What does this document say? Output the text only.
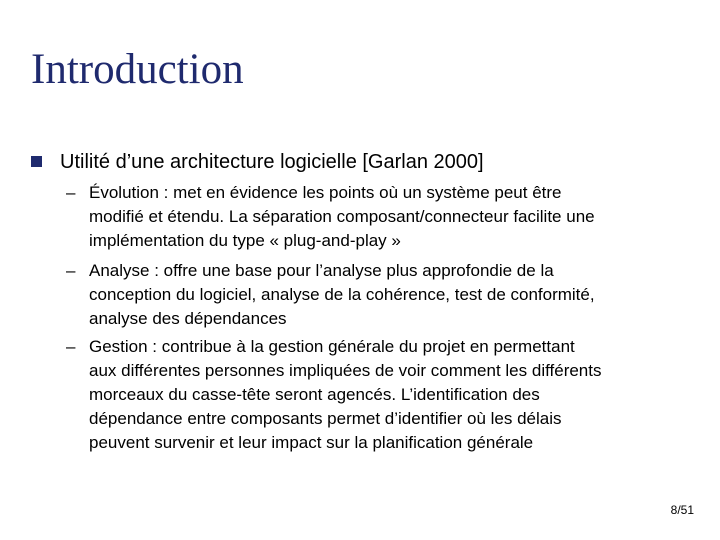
Introduction
Utilité d’une architecture logicielle [Garlan 2000]
– Évolution : met en évidence les points où un système peut être
modifié et étendu. La séparation composant/connecteur facilite une
implémentation du type « plug-and-play »
– Analyse : offre une base pour l’analyse plus approfondie de la
conception du logiciel, analyse de la cohérence, test de conformité,
analyse des dépendances
– Gestion : contribue à la gestion générale du projet en permettant
aux différentes personnes impliquées de voir comment les différents
morceaux du casse-tête seront agencés. L’identification des
dépendance entre composants permet d’identifier où les délais
peuvent survenir et leur impact sur la planification générale
8/51
